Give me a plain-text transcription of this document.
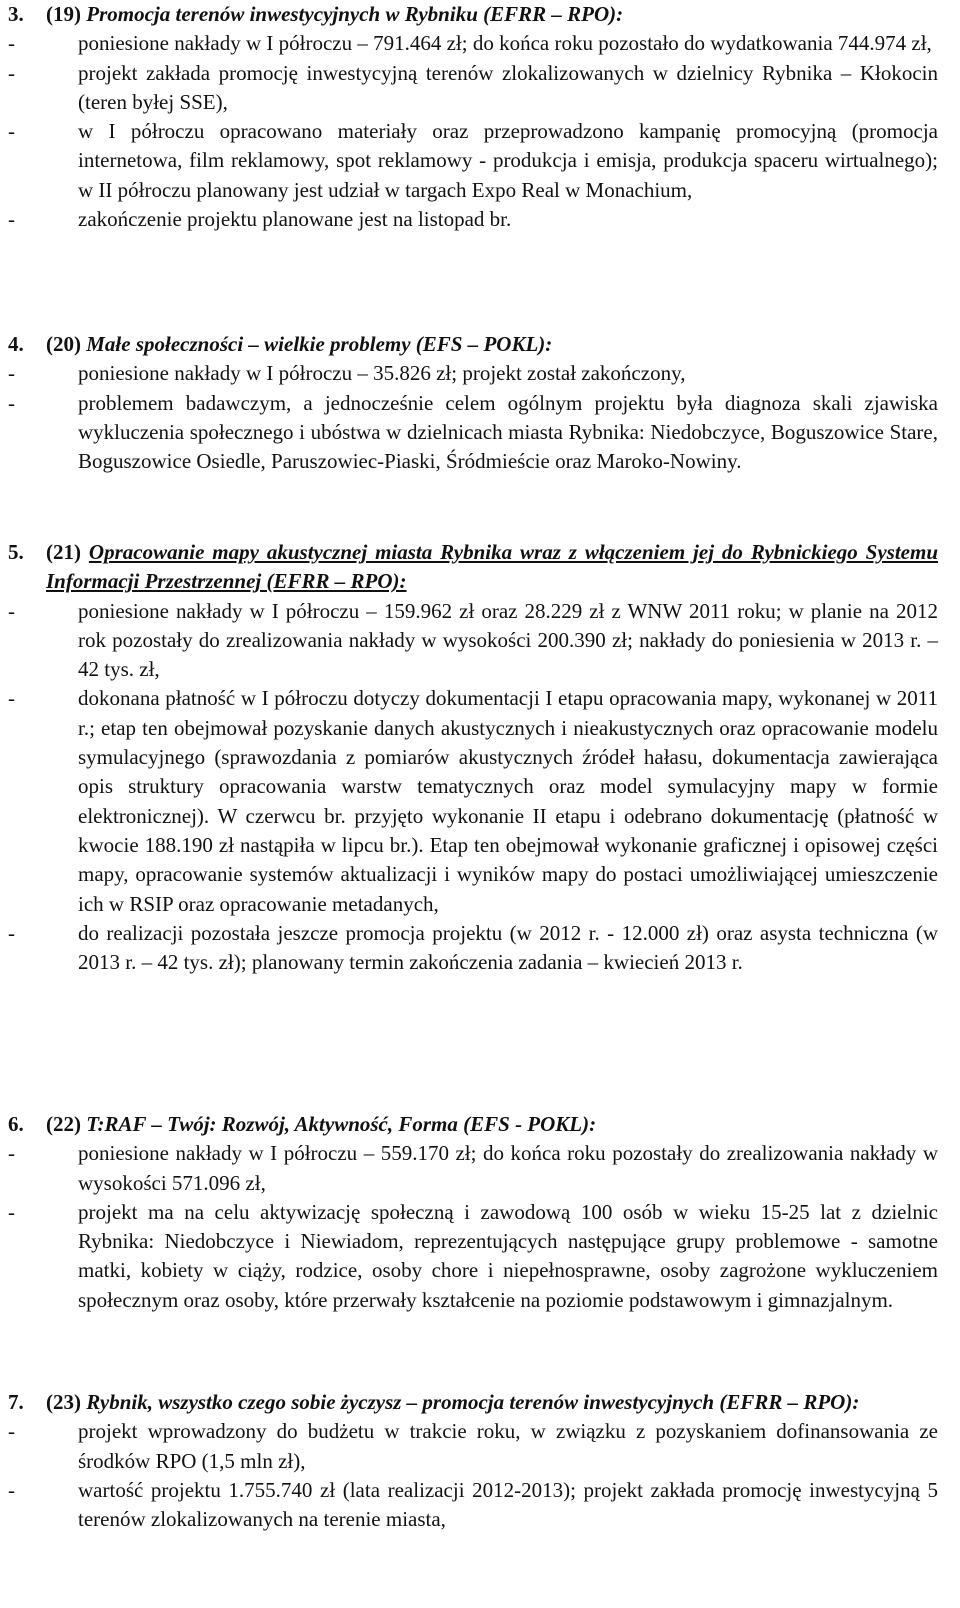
3. (19) Promocja terenów inwestycyjnych w Rybniku (EFRR – RPO):
-	poniesione nakłady w I półroczu – 791.464 zł; do końca roku pozostało do wydatkowania 744.974 zł,
-	projekt zakłada promocję inwestycyjną terenów zlokalizowanych w dzielnicy Rybnika – Kłokocin (teren byłej SSE),
-	w I półroczu opracowano materiały oraz przeprowadzono kampanię promocyjną (promocja internetowa, film reklamowy, spot reklamowy - produkcja i emisja, produkcja spaceru wirtualnego); w II półroczu planowany jest udział w targach Expo Real w Monachium,
-	zakończenie projektu planowane jest na listopad br.
4. (20) Małe społeczności – wielkie problemy (EFS – POKL):
-	poniesione nakłady w I półroczu – 35.826 zł; projekt został zakończony,
-	problemem badawczym, a jednocześnie celem ogólnym projektu była diagnoza skali zjawiska wykluczenia społecznego i ubóstwa w dzielnicach miasta Rybnika: Niedobczyce, Boguszowice Stare, Boguszowice Osiedle, Paruszowiec-Piaski, Śródmieście oraz Maroko-Nowiny.
5. (21) Opracowanie mapy akustycznej miasta Rybnika wraz z włączeniem jej do Rybnickiego Systemu Informacji Przestrzennej (EFRR – RPO):
-	poniesione nakłady w I półroczu – 159.962 zł oraz 28.229 zł z WNW 2011 roku; w planie na 2012 rok pozostały do zrealizowania nakłady w wysokości 200.390 zł; nakłady do poniesienia w 2013 r. – 42 tys. zł,
-	dokonana płatność w I półroczu dotyczy dokumentacji I etapu opracowania mapy, wykonanej w 2011 r.; etap ten obejmował pozyskanie danych akustycznych i nieakustycznych oraz opracowanie modelu symulacyjnego (sprawozdania z pomiarów akustycznych źródeł hałasu, dokumentacja zawierająca opis struktury opracowania warstw tematycznych oraz model symulacyjny mapy w formie elektronicznej). W czerwcu br. przyjęto wykonanie II etapu i odebrano dokumentację (płatność w kwocie 188.190 zł nastąpiła w lipcu br.). Etap ten obejmował wykonanie graficznej i opisowej części mapy, opracowanie systemów aktualizacji i wyników mapy do postaci umożliwiającej umieszczenie ich w RSIP oraz opracowanie metadanych,
-	do realizacji pozostała jeszcze promocja projektu (w 2012 r. - 12.000 zł) oraz asysta techniczna (w 2013 r. – 42 tys. zł); planowany termin zakończenia zadania – kwiecień 2013 r.
6. (22) T:RAF – Twój: Rozwój, Aktywność, Forma (EFS - POKL):
-	poniesione nakłady w I półroczu – 559.170 zł; do końca roku pozostały do zrealizowania nakłady w wysokości 571.096 zł,
-	projekt ma na celu aktywizację społeczną i zawodową 100 osób w wieku 15-25 lat z dzielnic Rybnika: Niedobczyce i Niewiadom, reprezentujących następujące grupy problemowe - samotne matki, kobiety w ciąży, rodzice, osoby chore i niepełnosprawne, osoby zagrożone wykluczeniem społecznym oraz osoby, które przerwały kształcenie na poziomie podstawowym i gimnazjalnym.
7. (23) Rybnik, wszystko czego sobie życzysz – promocja terenów inwestycyjnych (EFRR – RPO):
-	projekt wprowadzony do budżetu w trakcie roku, w związku z pozyskaniem dofinansowania ze środków RPO (1,5 mln zł),
-	wartość projektu 1.755.740 zł (lata realizacji 2012-2013); projekt zakłada promocję inwestycyjną 5 terenów zlokalizowanych na terenie miasta,
